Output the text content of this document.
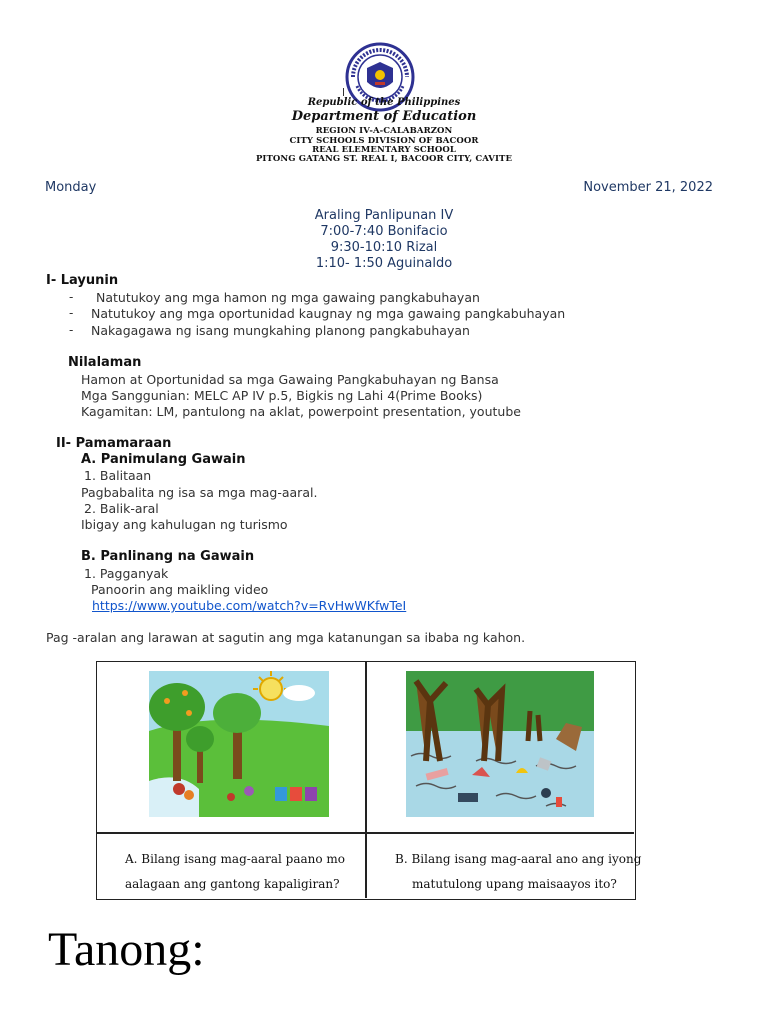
Republic of the Philippines
Department of Education
REGION IV-A-CALABARZON
CITY SCHOOLS DIVISION OF BACOOR
REAL ELEMENTARY SCHOOL
PITONG GATANG ST. REAL I, BACOOR CITY, CAVITE
Monday	November 21, 2022
Araling Panlipunan IV
7:00-7:40 Bonifacio
9:30-10:10 Rizal
1:10- 1:50 Aguinaldo
I- Layunin
- Natutukoy ang mga hamon ng mga gawaing pangkabuhayan
- Natutukoy ang mga oportunidad kaugnay ng mga gawaing pangkabuhayan
- Nakagagawa ng isang mungkahing planong pangkabuhayan
Nilalaman
Hamon at Oportunidad sa mga Gawaing Pangkabuhayan ng Bansa
Mga Sanggunian: MELC AP IV p.5, Bigkis ng Lahi 4(Prime Books)
Kagamitan: LM, pantulong na aklat, powerpoint presentation, youtube
II- Pamamaraan
A. Panimulang Gawain
1. Balitaan
Pagbabalita ng isa sa mga mag-aaral.
2. Balik-aral
Ibigay ang kahulugan ng turismo
B. Panlinang na Gawain
1. Pagganyak
Panoorin ang maikling video
https://www.youtube.com/watch?v=RvHwWKfwTeI
Pag -aralan ang larawan at sagutin ang mga katanungan sa ibaba ng kahon.
A. Bilang isang mag-aaral paano mo
aalagaan ang gantong kapaligiran?
B. Bilang isang mag-aaral ano ang iyong
matutulong upang maisaayos ito?
Tanong:
